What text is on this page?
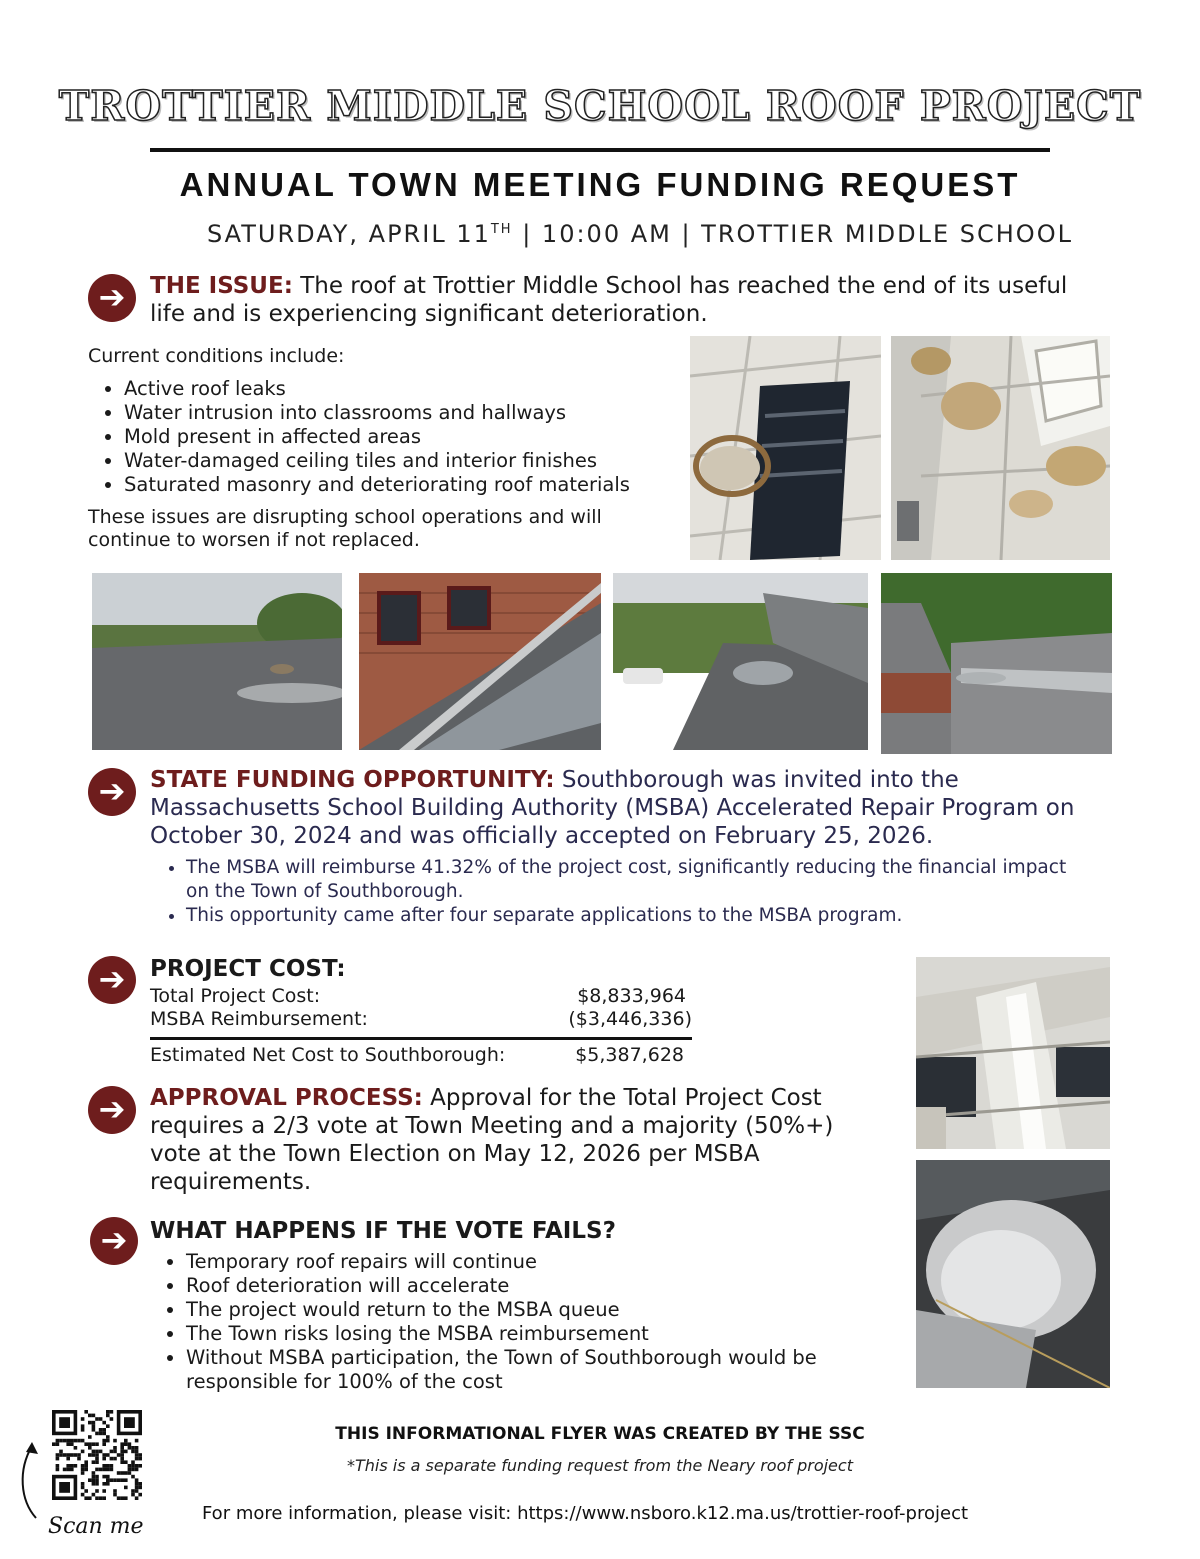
TROTTIER MIDDLE SCHOOL ROOF PROJECT
ANNUAL TOWN MEETING FUNDING REQUEST
SATURDAY, APRIL 11TH | 10:00 AM | TROTTIER MIDDLE SCHOOL
➔	THE ISSUE: The roof at Trottier Middle School has reached the end of its useful life and is experiencing significant deterioration.
Current conditions include:
• Active roof leaks
• Water intrusion into classrooms and hallways
• Mold present in affected areas
• Water-damaged ceiling tiles and interior finishes
• Saturated masonry and deteriorating roof materials
These issues are disrupting school operations and will continue to worsen if not replaced.
➔	STATE FUNDING OPPORTUNITY: Southborough was invited into the Massachusetts School Building Authority (MSBA) Accelerated Repair Program on October 30, 2024 and was officially accepted on February 25, 2026.
• The MSBA will reimburse 41.32% of the project cost, significantly reducing the financial impact on the Town of Southborough.
• This opportunity came after four separate applications to the MSBA program.
➔	PROJECT COST:
Total Project Cost:	$8,833,964
MSBA Reimbursement:	($3,446,336)
Estimated Net Cost to Southborough:	$5,387,628
➔	APPROVAL PROCESS: Approval for the Total Project Cost requires a 2/3 vote at Town Meeting and a majority (50%+) vote at the Town Election on May 12, 2026 per MSBA requirements.
➔ WHAT HAPPENS IF THE VOTE FAILS?
• Temporary roof repairs will continue
• Roof deterioration will accelerate
• The project would return to the MSBA queue
• The Town risks losing the MSBA reimbursement
• Without MSBA participation, the Town of Southborough would be responsible for 100% of the cost
Scan me
THIS INFORMATIONAL FLYER WAS CREATED BY THE SSC
*This is a separate funding request from the Neary roof project
For more information, please visit: https://www.nsboro.k12.ma.us/trottier-roof-project
